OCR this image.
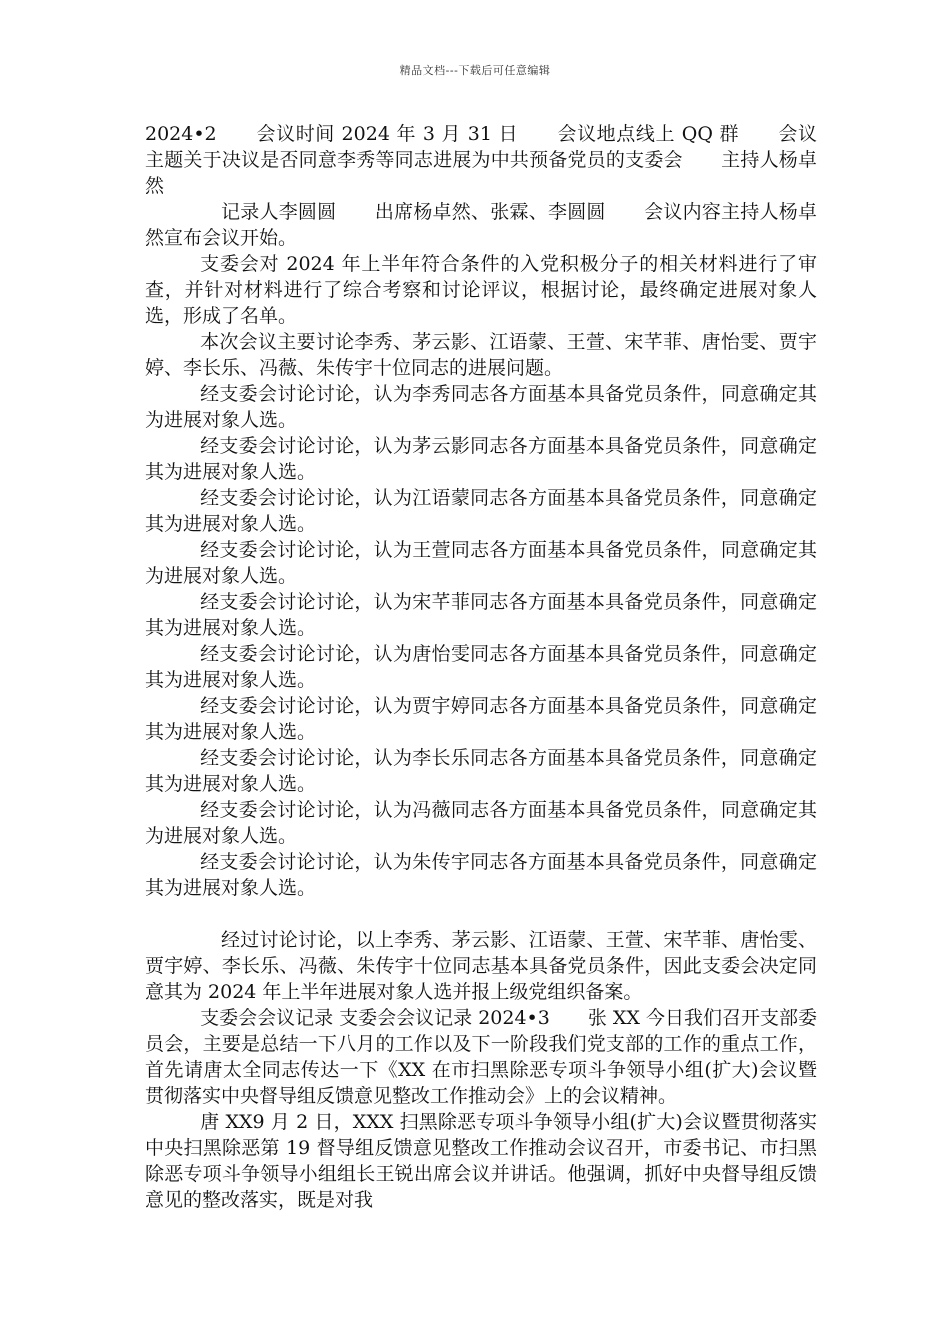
精品文档---下载后可任意编辑

2024•2　　会议时间 2024 年 3 月 31 日　　会议地点线上 QQ 群　　会议主题关于决议是否同意李秀等同志进展为中共预备党员的支委会　　主持人杨卓然

记录人李圆圆　　出席杨卓然、张霖、李圆圆　　会议内容主持人杨卓然宣布会议开始。

支委会对 2024 年上半年符合条件的入党积极分子的相关材料进行了审查，并针对材料进行了综合考察和讨论评议，根据讨论，最终确定进展对象人选，形成了名单。

本次会议主要讨论李秀、茅云影、江语蒙、王萱、宋芊菲、唐怡雯、贾宇婷、李长乐、冯薇、朱传宇十位同志的进展问题。

经支委会讨论讨论，认为李秀同志各方面基本具备党员条件，同意确定其为进展对象人选。

经支委会讨论讨论，认为茅云影同志各方面基本具备党员条件，同意确定其为进展对象人选。

经支委会讨论讨论，认为江语蒙同志各方面基本具备党员条件，同意确定其为进展对象人选。

经支委会讨论讨论，认为王萱同志各方面基本具备党员条件，同意确定其为进展对象人选。

经支委会讨论讨论，认为宋芊菲同志各方面基本具备党员条件，同意确定其为进展对象人选。

经支委会讨论讨论，认为唐怡雯同志各方面基本具备党员条件，同意确定其为进展对象人选。

经支委会讨论讨论，认为贾宇婷同志各方面基本具备党员条件，同意确定其为进展对象人选。

经支委会讨论讨论，认为李长乐同志各方面基本具备党员条件，同意确定其为进展对象人选。

经支委会讨论讨论，认为冯薇同志各方面基本具备党员条件，同意确定其为进展对象人选。

经支委会讨论讨论，认为朱传宇同志各方面基本具备党员条件，同意确定其为进展对象人选。

经过讨论讨论，以上李秀、茅云影、江语蒙、王萱、宋芊菲、唐怡雯、贾宇婷、李长乐、冯薇、朱传宇十位同志基本具备党员条件，因此支委会决定同意其为 2024 年上半年进展对象人选并报上级党组织备案。

支委会会议记录 支委会会议记录 2024•3　　张 XX 今日我们召开支部委员会，主要是总结一下八月的工作以及下一阶段我们党支部的工作的重点工作，首先请唐太全同志传达一下《XX 在市扫黑除恶专项斗争领导小组(扩大)会议暨贯彻落实中央督导组反馈意见整改工作推动会》上的会议精神。

唐 XX9 月 2 日，XXX 扫黑除恶专项斗争领导小组(扩大)会议暨贯彻落实中央扫黑除恶第 19 督导组反馈意见整改工作推动会议召开，市委书记、市扫黑除恶专项斗争领导小组组长王锐出席会议并讲话。他强调，抓好中央督导组反馈意见的整改落实，既是对我
